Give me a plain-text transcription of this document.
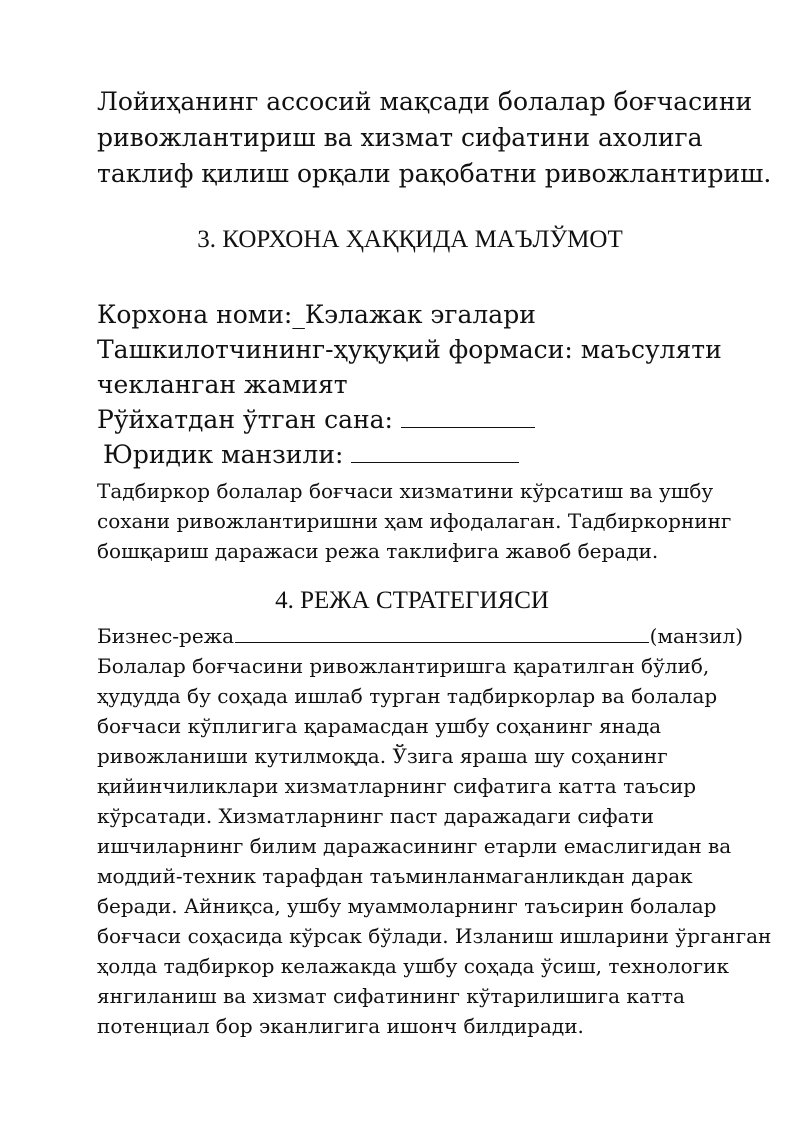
Лойиҳанинг ассосий мақсади болалар боғчасини
ривожлантириш ва хизмат сифатини ахолига
таклиф қилиш орқали рақобатни ривожлантириш.

3. КОРХОНА ҲАҚҚИДА МАЪЛЎМОТ
Корхона номи:_Кэлажак эгалари
Ташкилотчининг-ҳуқуқий формаси: маъсуляти
чекланган жамият
Рўйхатдан ўтган сана:
Юридик манзили:

Тадбиркор болалар боғчаси хизматини кўрсатиш ва ушбу
сохани ривожлантиришни ҳам ифодалаган. Тадбиркорнинг
бошқариш даражаси режа таклифига жавоб беради.

4. РЕЖА СТРАТЕГИЯСИ
Бизнес-режа	(манзил)
Болалар боғчасини ривожлантиришга қаратилган бўлиб,
ҳудудда бу соҳада ишлаб турган тадбиркорлар ва болалар
боғчаси кўплигига қарамасдан ушбу соҳанинг янада
ривожланиши кутилмоқда. Ўзига яраша шу соҳанинг
қийинчиликлари хизматларнинг сифатига катта таъсир
кўрсатади. Хизматларнинг паст даражадаги сифати
ишчиларнинг билим даражасининг етарли емаслигидан ва
моддий-техник тарафдан таъминланмаганликдан дарак
беради. Айниқса, ушбу муаммоларнинг таъсирин болалар
боғчаси соҳасида кўрсак бўлади. Изланиш ишларини ўрганган
ҳолда тадбиркор келажакда ушбу соҳада ўсиш, технологик
янгиланиш ва хизмат сифатининг кўтарилишига катта
потенциал бор эканлигига ишонч билдиради.
